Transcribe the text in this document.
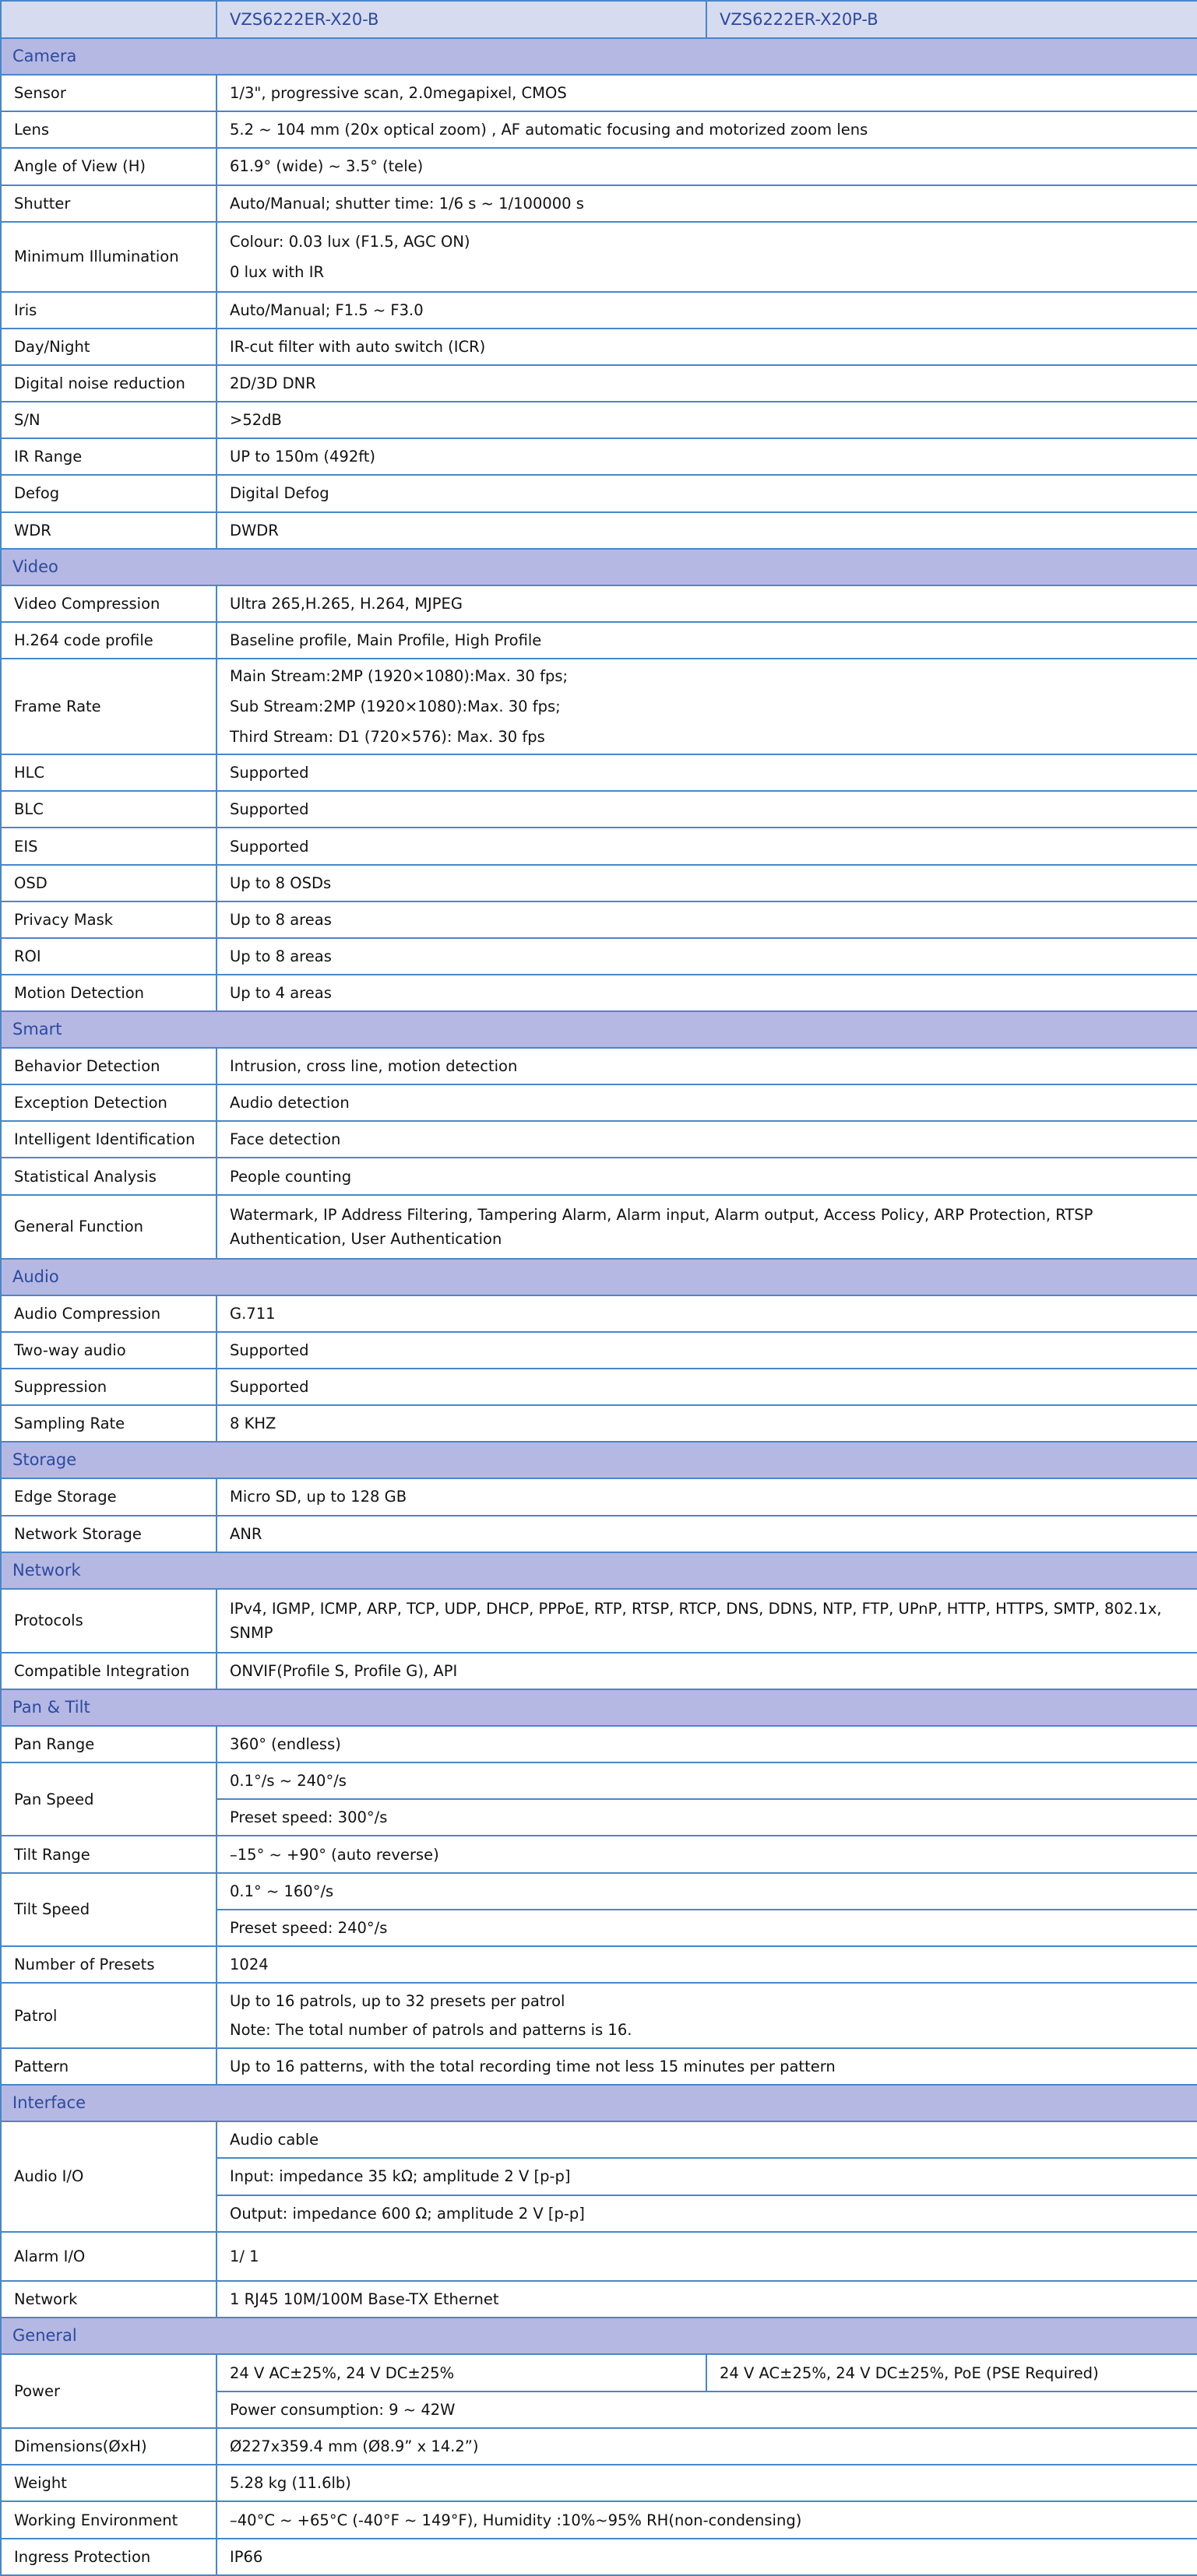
	VZS6222ER-X20-B	VZS6222ER-X20P-B
Camera		
Sensor	1/3", progressive scan, 2.0megapixel, CMOS	
Lens	5.2 ~ 104 mm (20x optical zoom) , AF automatic focusing and motorized zoom lens	
Angle of View (H)	61.9° (wide) ~ 3.5° (tele)	
Shutter	Auto/Manual; shutter time: 1/6 s ~ 1/100000 s	
Minimum Illumination	Colour: 0.03 lux (F1.5, AGC ON)
0 lux with IR	

Iris	Auto/Manual; F1.5 ~ F3.0	
Day/Night	IR-cut filter with auto switch (ICR)	
Digital noise reduction	2D/3D DNR	
S/N	>52dB	
IR Range	UP to 150m (492ft)	
Defog	Digital Defog	
WDR	DWDR	
Video		
Video Compression	Ultra 265,H.265, H.264, MJPEG	
H.264 code profile	Baseline profile, Main Profile, High Profile	
Frame Rate	Main Stream:2MP (1920×1080):Max. 30 fps;
Sub Stream:2MP (1920×1080):Max. 30 fps;
Third Stream: D1 (720×576): Max. 30 fps	

HLC	Supported	
BLC	Supported	
EIS	Supported	
OSD	Up to 8 OSDs	
Privacy Mask	Up to 8 areas	
ROI	Up to 8 areas	
Motion Detection	Up to 4 areas	
Smart		
Behavior Detection	Intrusion, cross line, motion detection	
Exception Detection	Audio detection	
Intelligent Identification	Face detection	
Statistical Analysis	People counting	
General Function	Watermark, IP Address Filtering, Tampering Alarm, Alarm input, Alarm output, Access Policy, ARP Protection, RTSP Authentication, User Authentication	
Audio		
Audio Compression	G.711	
Two-way audio	Supported	
Suppression	Supported	
Sampling Rate	8 KHZ	
Storage		
Edge Storage	Micro SD, up to 128 GB	
Network Storage	ANR	
Network		
Protocols	IPv4, IGMP, ICMP, ARP, TCP, UDP, DHCP, PPPoE, RTP, RTSP, RTCP, DNS, DDNS, NTP, FTP, UPnP, HTTP, HTTPS, SMTP, 802.1x, SNMP	
Compatible Integration	ONVIF(Profile S, Profile G), API	
Pan & Tilt		
Pan Range	360° (endless)	
Pan Speed	0.1°/s ~ 240°/s	
	Preset speed: 300°/s	
Tilt Range	–15° ~ +90° (auto reverse)	
Tilt Speed	0.1° ~ 160°/s	
	Preset speed: 240°/s	
Number of Presets	1024	
Patrol	Up to 16 patrols, up to 32 presets per patrol
Note: The total number of patrols and patterns is 16.	

Pattern	Up to 16 patterns, with the total recording time not less 15 minutes per pattern	
Interface		
Audio I/O	Audio cable	
	Input: impedance 35 kΩ; amplitude 2 V [p-p]	
	Output: impedance 600 Ω; amplitude 2 V [p-p]	
Alarm I/O	1/ 1	
Network	1 RJ45 10M/100M Base-TX Ethernet	
General		
Power	24 V AC±25%, 24 V DC±25%	24 V AC±25%, 24 V DC±25%, PoE (PSE Required)
	Power consumption: 9 ~ 42W	
Dimensions(ØxH)	Ø227x359.4 mm (Ø8.9” x 14.2”)	
Weight	5.28 kg (11.6lb)	
Working Environment	–40°C ~ +65°C (-40°F ~ 149°F), Humidity :10%~95% RH(non-condensing)	
Ingress Protection	IP66	
